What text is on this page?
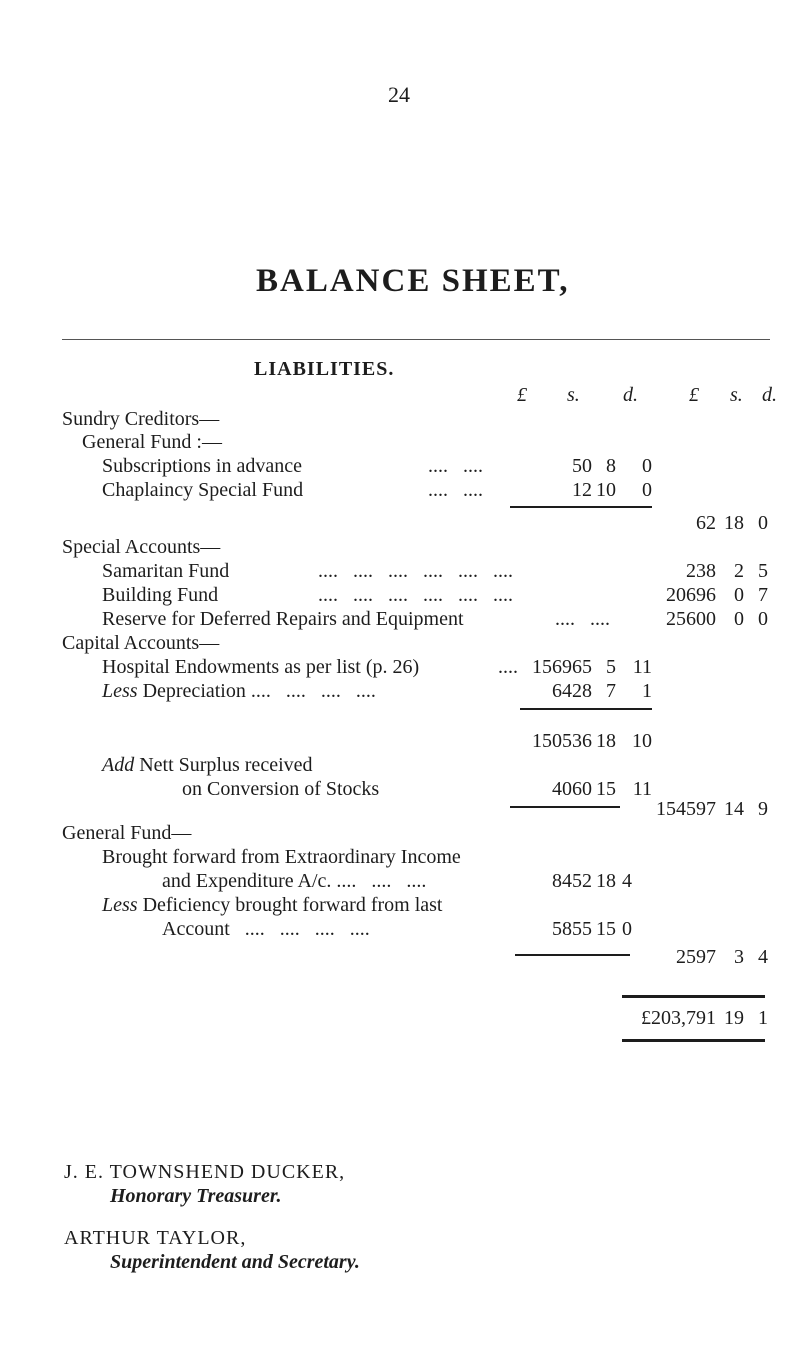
24
BALANCE SHEET,
LIABILITIES.
£ s. d.	£ s. d.
Sundry Creditors—
General Fund :—
Subscriptions in advance	....   ....	50 8	0
Chaplaincy Special Fund	....   ....	12 10	0
62 18 0
Special Accounts—
Samaritan Fund	....   ....   ....   ....   ....   ....	238 2 5
Building Fund	....   ....   ....   ....   ....   ....	20696 0 7
Reserve for Deferred Repairs and Equipment	....   ....	25600 0 0
Capital Accounts—
Hospital Endowments as per list (p. 26)	.... 156965 5 11
Less Depreciation ....   ....   ....   ....	6428 7	1
150536 18 10
Add Nett Surplus received
on Conversion of Stocks	4060 15 11
154597 14 9
General Fund—
Brought forward from Extraordinary Income
and Expenditure A/c. ....   ....   ....	8452 18 4
Less Deficiency brought forward from last
Account   ....   ....   ....   ....	5855 15 0
2597 3 4
£203,791 19 1
J. E. TOWNSHEND DUCKER,
Honorary Treasurer.
ARTHUR TAYLOR,
Superintendent and Secretary.
